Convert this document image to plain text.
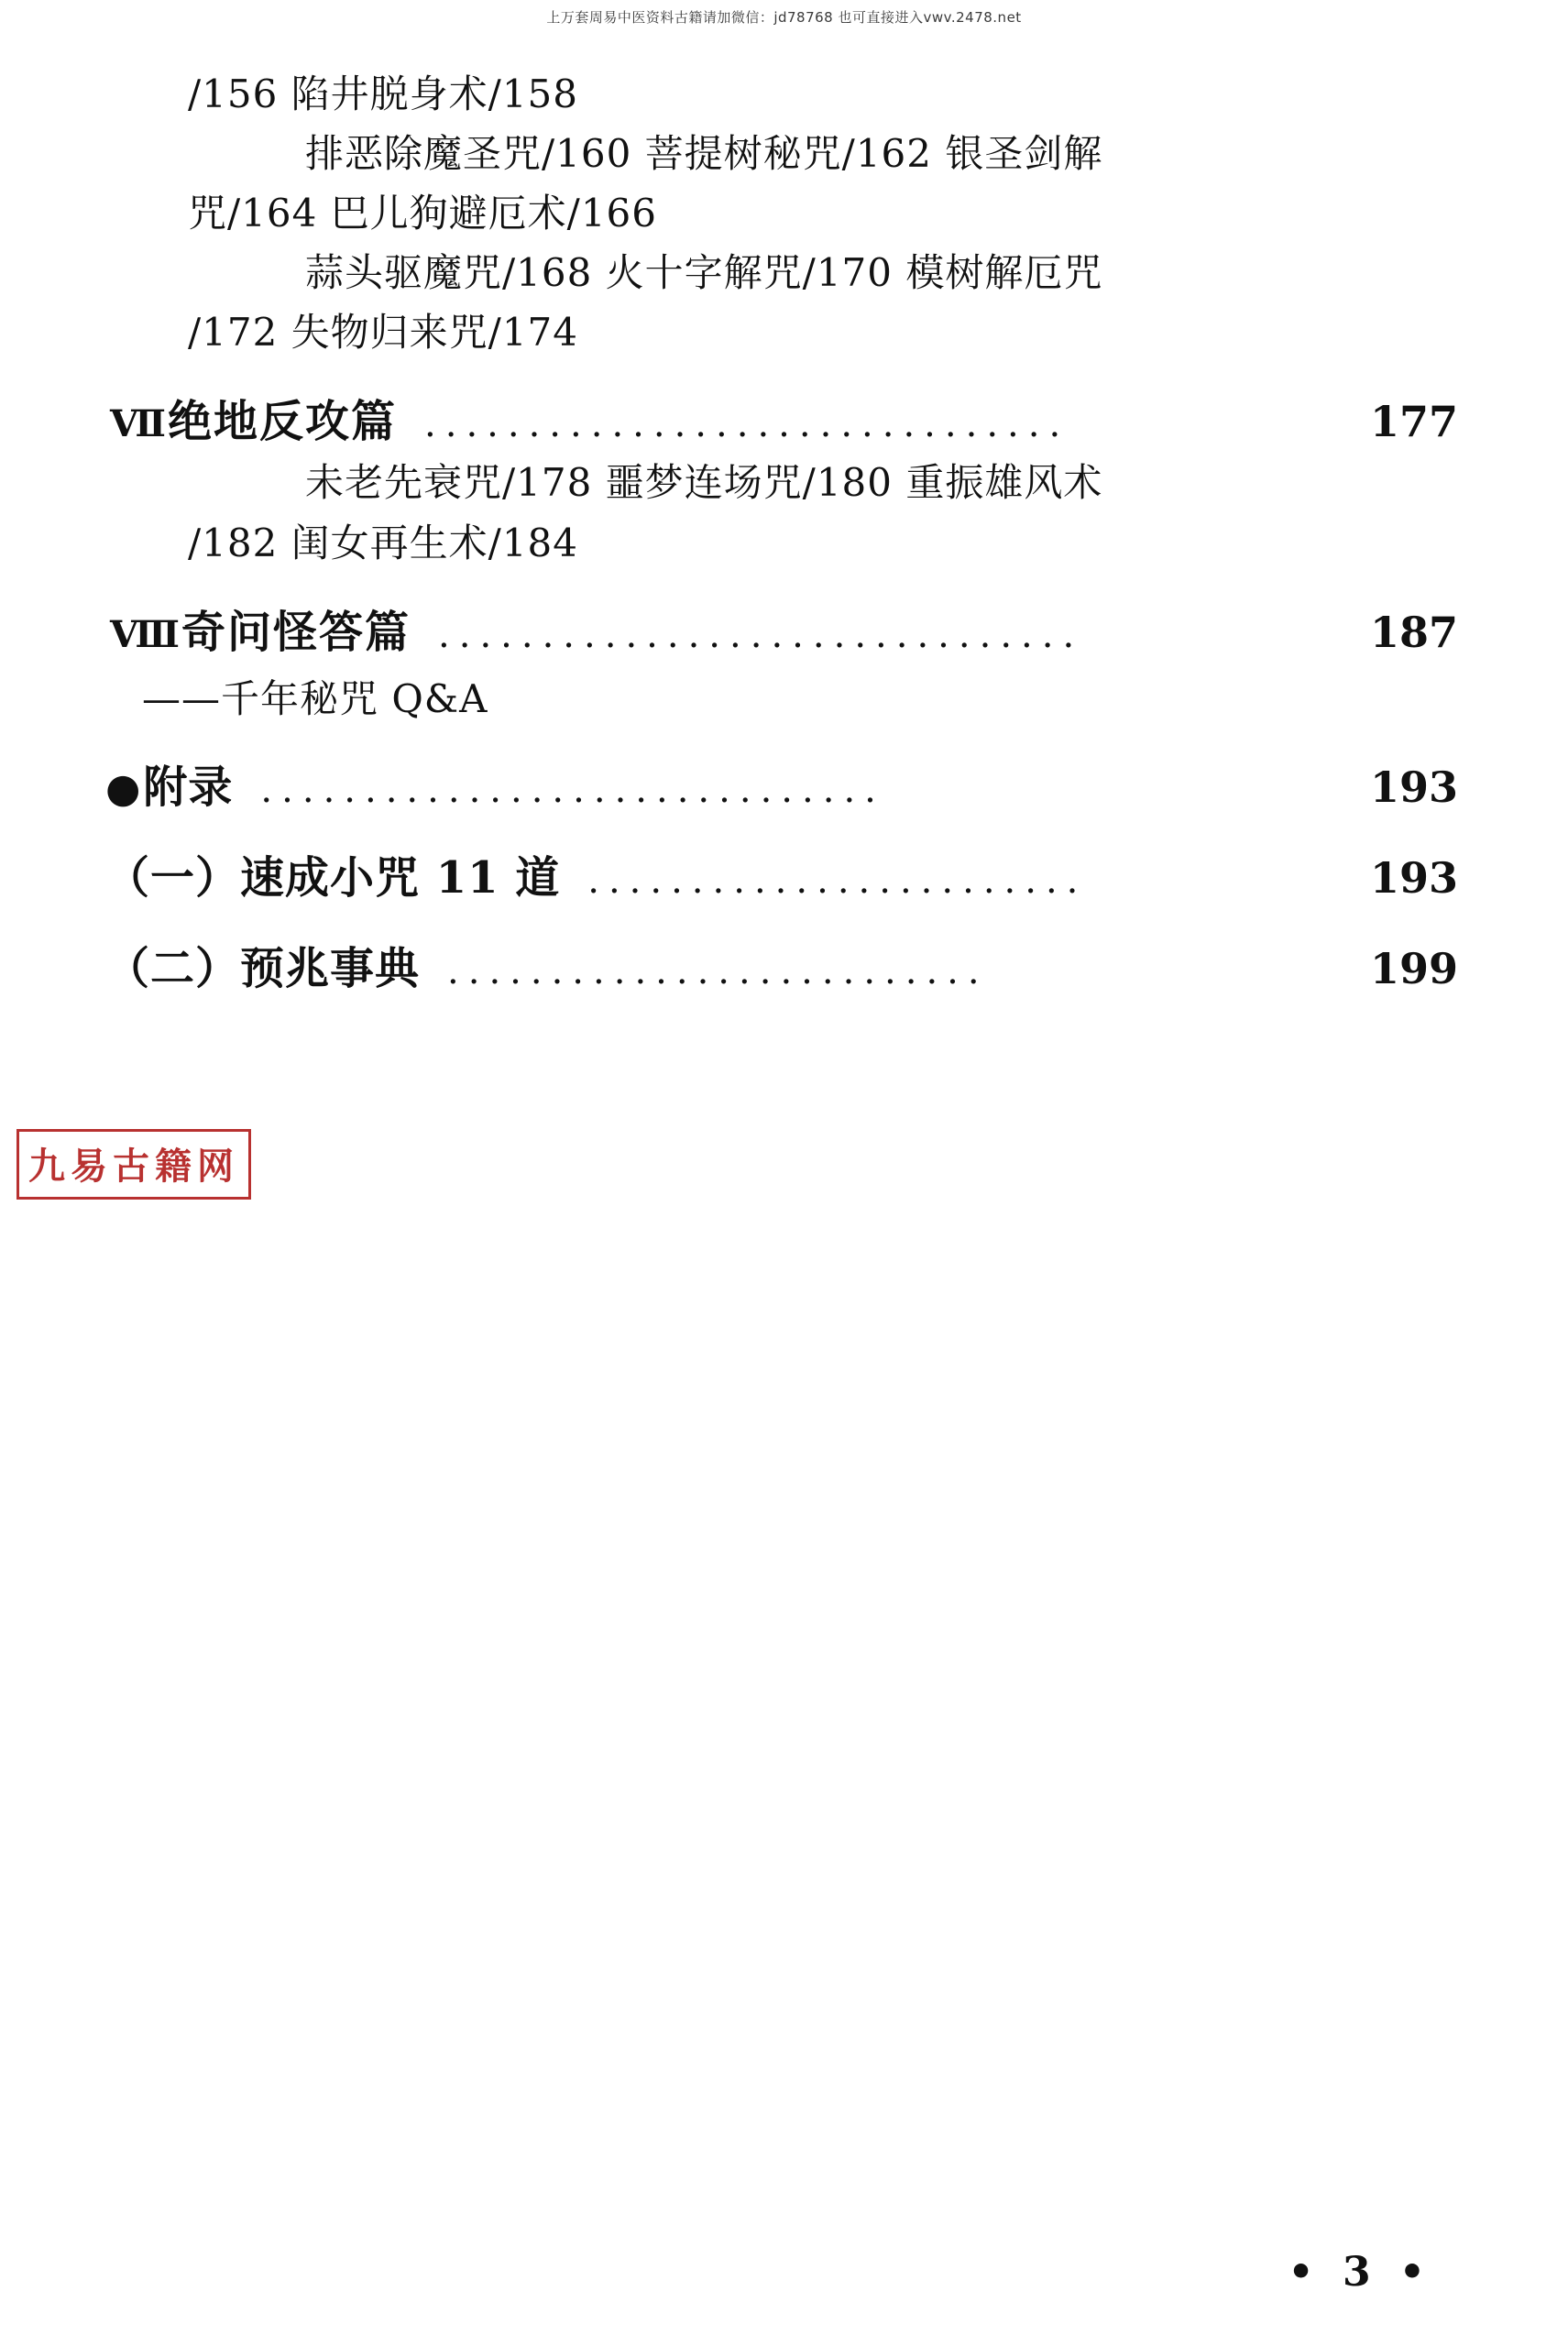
上万套周易中医资料古籍请加微信：jd78768 也可直接进入vwv.2478.net
/156 陷井脱身术/158
排恶除魔圣咒/160 菩提树秘咒/162 银圣剑解
咒/164 巴儿狗避厄术/166
蒜头驱魔咒/168 火十字解咒/170 模树解厄咒
/172 失物归来咒/174
Ⅶ绝地反攻篇 ...............................	177
未老先衰咒/178 噩梦连场咒/180 重振雄风术
/182 闺女再生术/184
Ⅷ奇问怪答篇 ...............................	187
——千年秘咒 Q&A
●附录 ..............................	193
（一）速成小咒 11 道 ........................	193
（二）预兆事典 ..........................	199
九易古籍网
• 3 •
